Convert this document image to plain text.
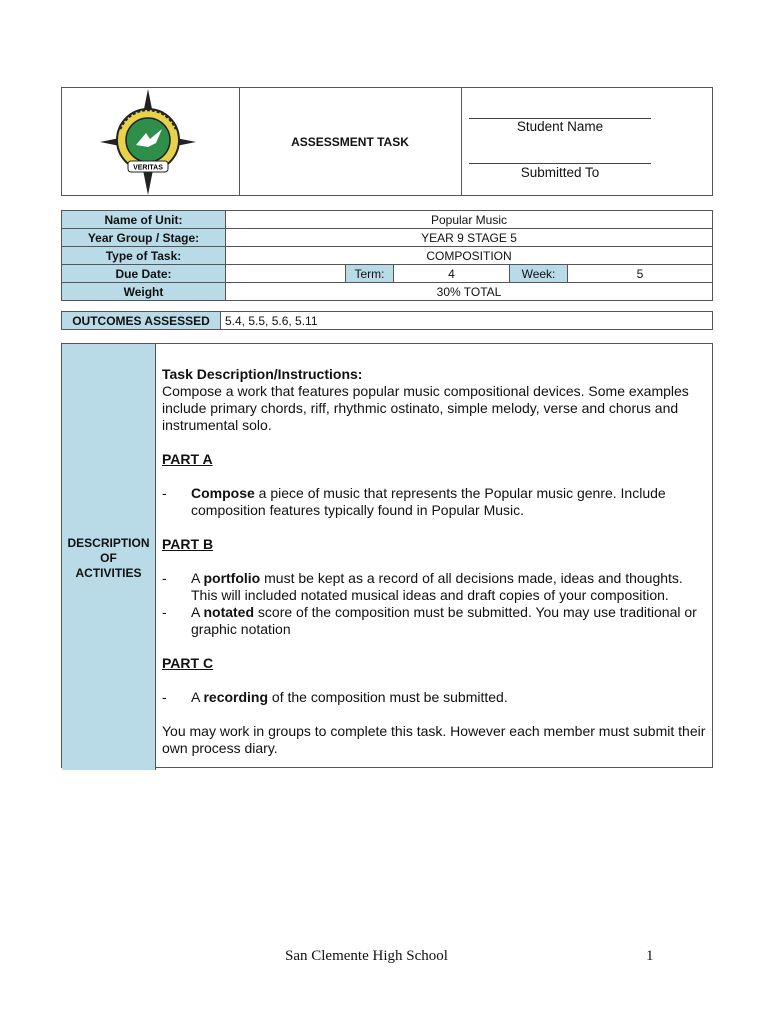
VERITAS
ASSESSMENT TASK
Student Name
Submitted To
Name of Unit:	Popular Music				
Year Group / Stage:	YEAR 9 STAGE 5				
Type of Task:	COMPOSITION				
Due Date:		Term:	4	Week:	5
Weight	30% TOTAL				
OUTCOMES ASSESSED	5.4, 5.5, 5.6, 5.11
DESCRIPTION
OF
ACTIVITIES

Task Description/Instructions:

Compose a work that features popular music compositional devices. Some examples include primary chords, riff, rhythmic ostinato, simple melody, verse and chorus and instrumental solo.

PART A

-	Compose a piece of music that represents the Popular music genre. Include composition features typically found in Popular Music.

PART B

-	A portfolio must be kept as a record of all decisions made, ideas and thoughts. This will included notated musical ideas and draft copies of your composition.
-	A notated score of the composition must be submitted. You may use traditional or graphic notation

PART C

-	A recording of the composition must be submitted.

You may work in groups to complete this task. However each member must submit their own process diary.

San Clemente High School	1
